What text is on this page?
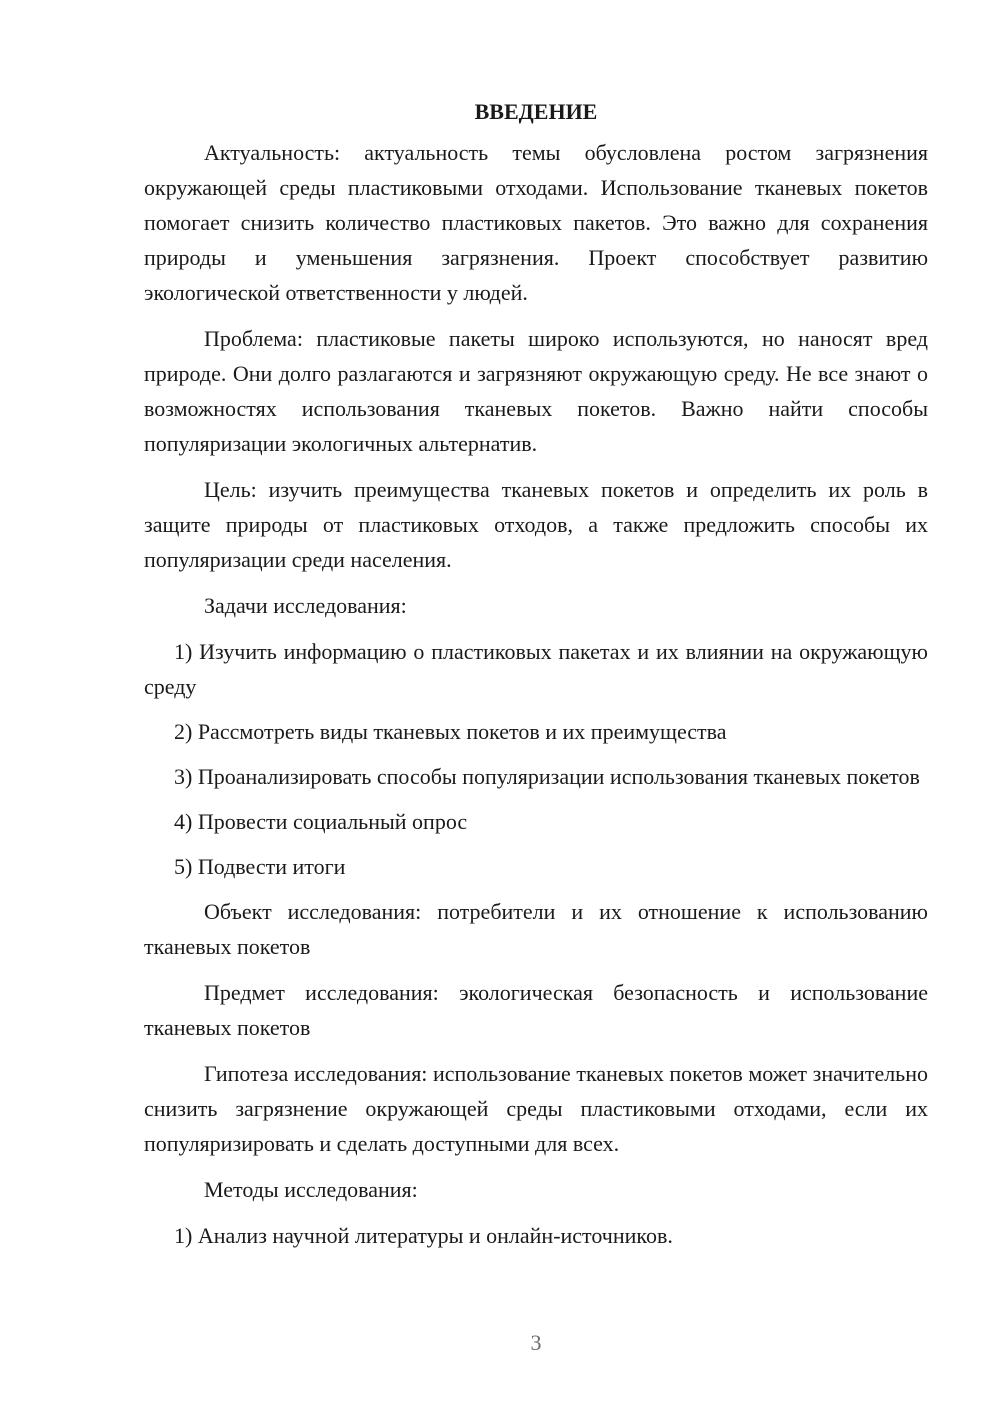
ВВЕДЕНИЕ

Актуальность: актуальность темы обусловлена ростом загрязнения окружающей среды пластиковыми отходами. Использование тканевых покетов помогает снизить количество пластиковых пакетов. Это важно для сохранения природы и уменьшения загрязнения. Проект способствует развитию экологической ответственности у людей.

Проблема: пластиковые пакеты широко используются, но наносят вред природе. Они долго разлагаются и загрязняют окружающую среду. Не все знают о возможностях использования тканевых покетов. Важно найти способы популяризации экологичных альтернатив.

Цель: изучить преимущества тканевых покетов и определить их роль в защите природы от пластиковых отходов, а также предложить способы их популяризации среди населения.

Задачи исследования:

1) Изучить информацию о пластиковых пакетах и их влиянии на окружающую среду

2) Рассмотреть виды тканевых покетов и их преимущества

3) Проанализировать способы популяризации использования тканевых покетов

4) Провести социальный опрос

5) Подвести итоги

Объект исследования: потребители и их отношение к использованию тканевых покетов

Предмет исследования: экологическая безопасность и использование тканевых покетов

Гипотеза исследования: использование тканевых покетов может значительно снизить загрязнение окружающей среды пластиковыми отходами, если их популяризировать и сделать доступными для всех.

Методы исследования:

1) Анализ научной литературы и онлайн-источников.

3
